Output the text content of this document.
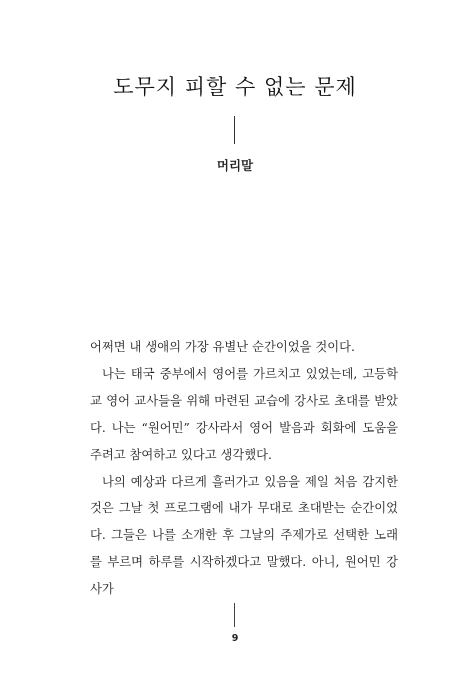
도무지 피할 수 없는 문제
머리말

어쩌면 내 생애의 가장 유별난 순간이었을 것이다.

나는 태국 중부에서 영어를 가르치고 있었는데, 고등학교 영어 교사들을 위해 마련된 교습에 강사로 초대를 받았다. 나는 “원어민” 강사라서 영어 발음과 회화에 도움을 주려고 참여하고 있다고 생각했다.

나의 예상과 다르게 흘러가고 있음을 제일 처음 감지한 것은 그날 첫 프로그램에 내가 무대로 초대받는 순간이었다. 그들은 나를 소개한 후 그날의 주제가로 선택한 노래를 부르며 하루를 시작하겠다고 말했다. 아니, 원어민 강사가

9
